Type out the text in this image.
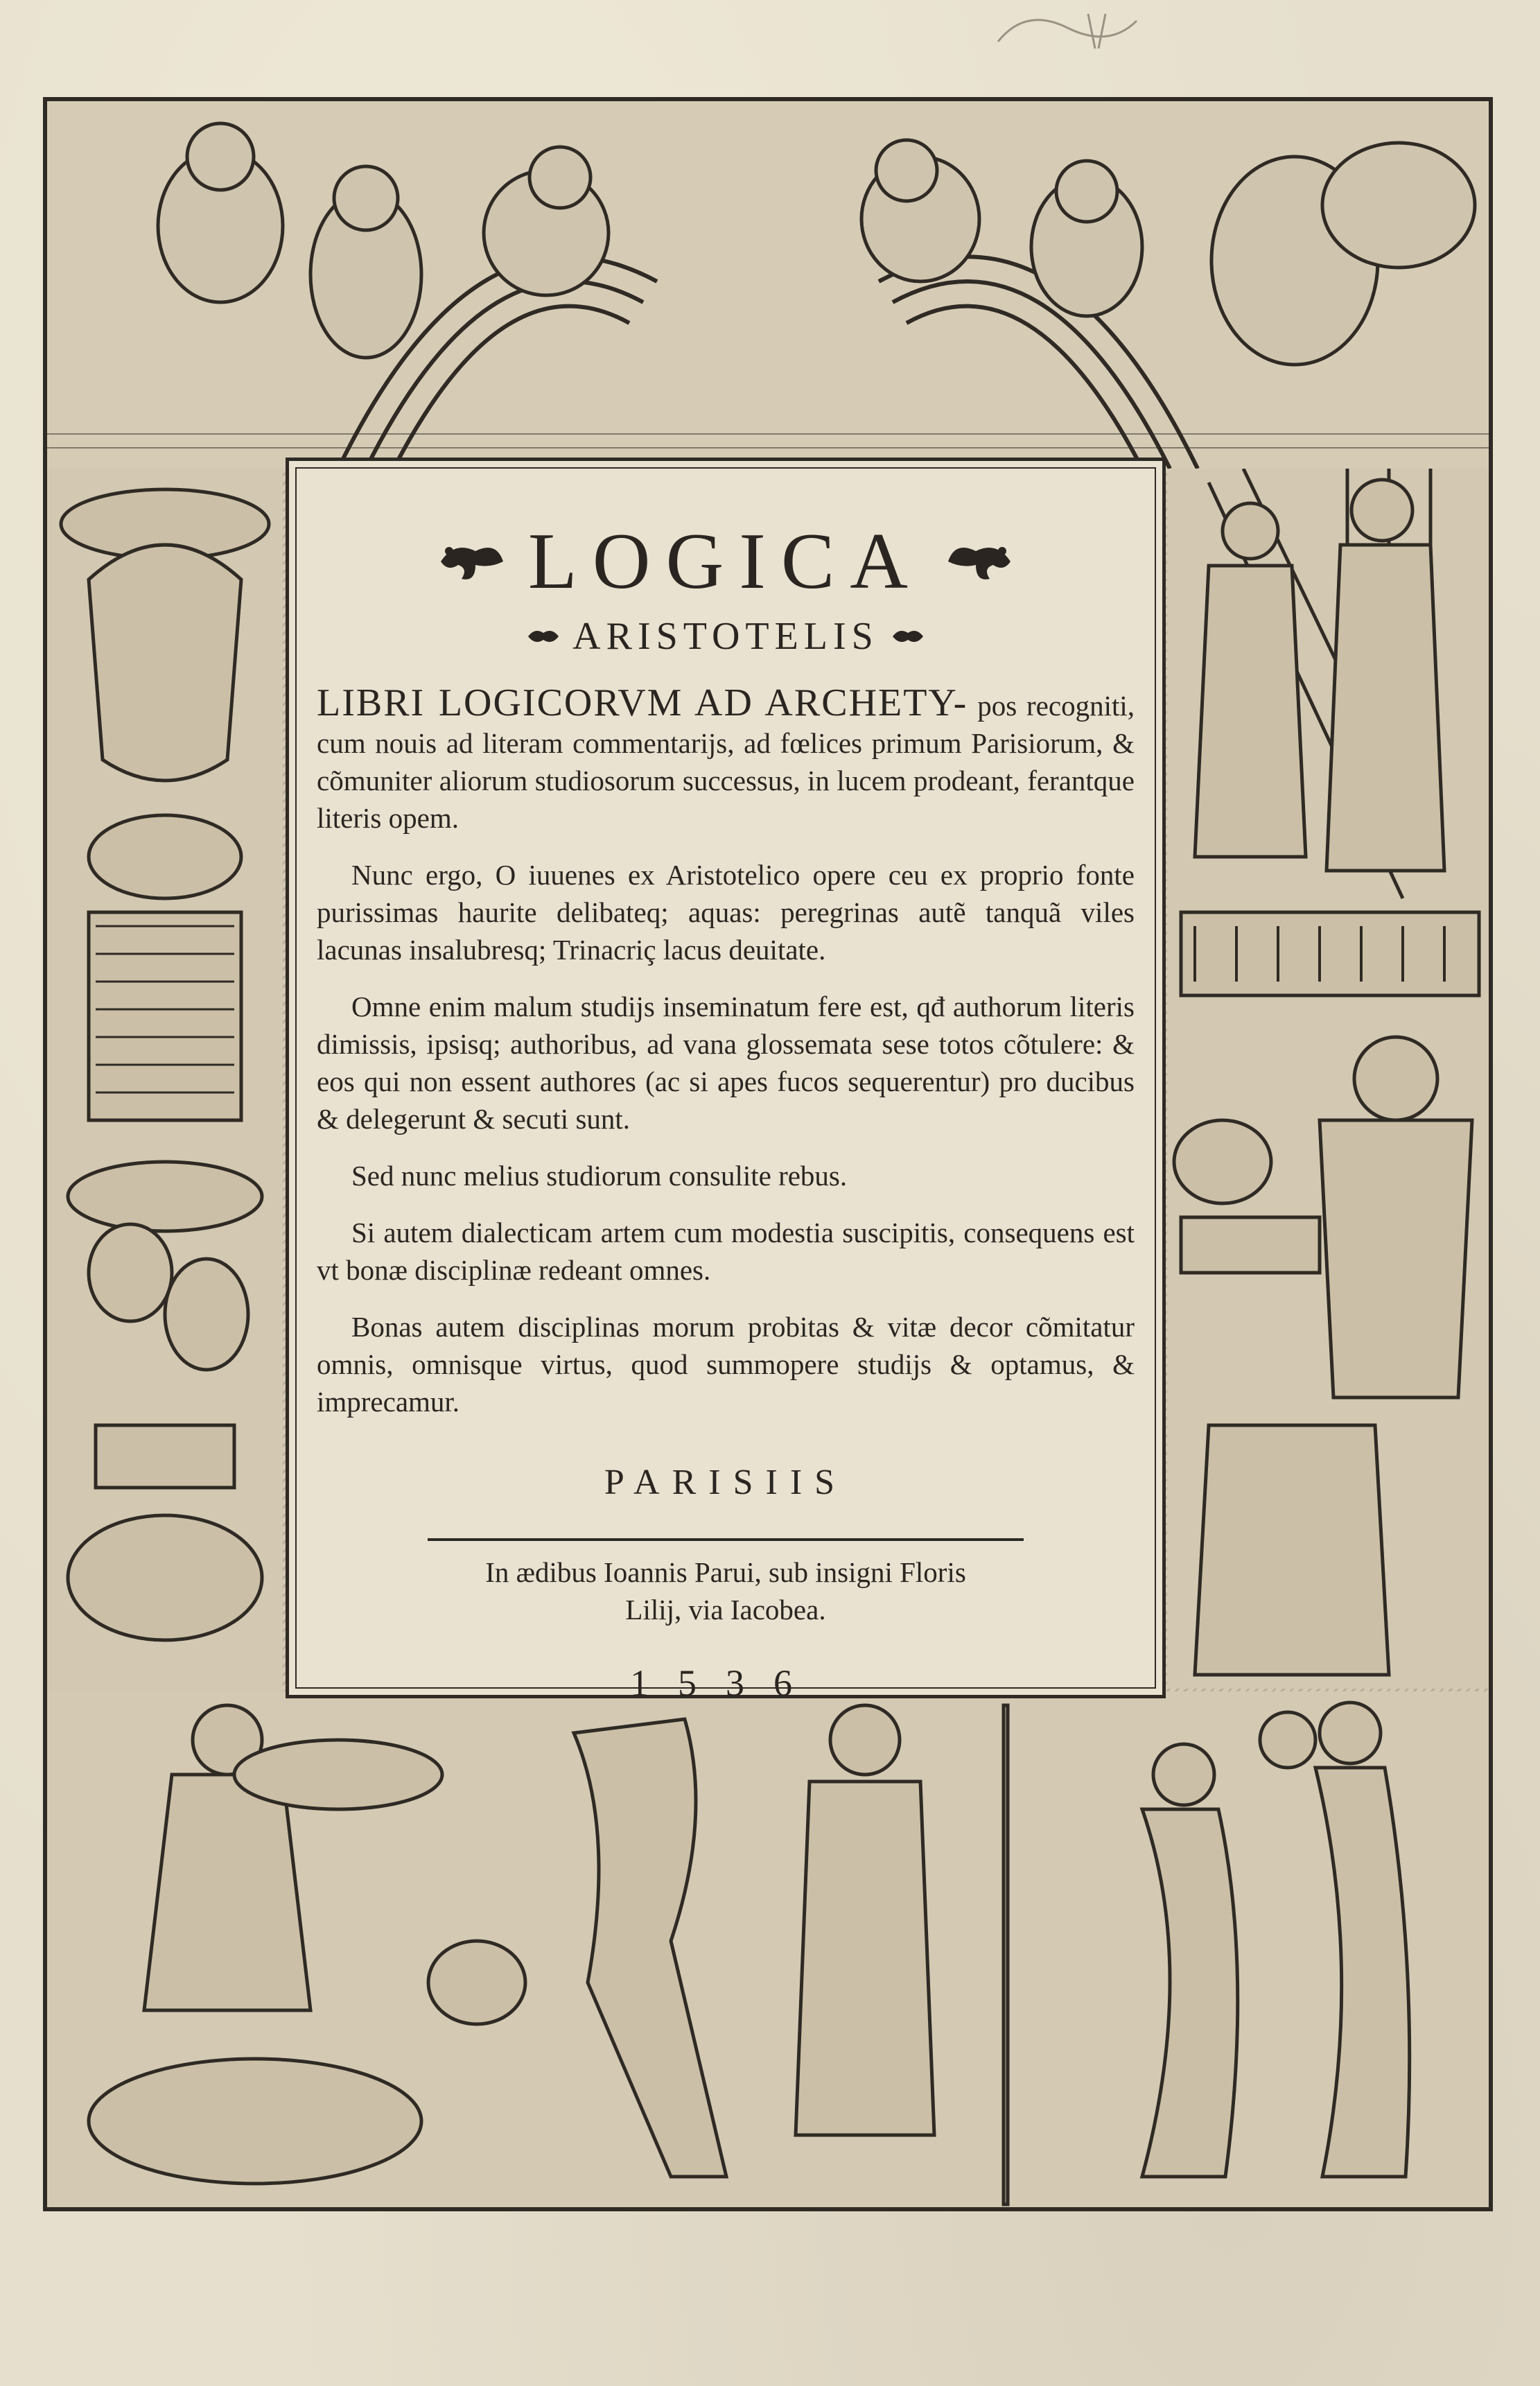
LOGICA
ARISTOTELIS

LIBRI LOGICORVM AD ARCHETY- pos recogniti, cum nouis ad literam commentarijs, ad fœlices primum Parisiorum, & cõmuniter aliorum studiosorum successus, in lucem prodeant, ferantque literis opem.

Nunc ergo, O iuuenes ex Aristotelico opere ceu ex proprio fonte purissimas haurite delibateq; aquas: peregrinas autẽ tanquã viles lacunas insalubresq; Trinacriç lacus deuitate.

Omne enim malum studijs inseminatum fere est, qđ authorum literis dimissis, ipsisq; authoribus, ad vana glossemata sese totos cõtulere: & eos qui non essent authores (ac si apes fucos sequerentur) pro ducibus & delegerunt & secuti sunt.

Sed nunc melius studiorum consulite rebus.

Si autem dialecticam artem cum modestia suscipitis, consequens est vt bonæ disciplinæ redeant omnes.

Bonas autem disciplinas morum probitas & vitæ decor cõmitatur omnis, omnisque virtus, quod summopere studijs & optamus, & imprecamur.

PARISIIS
In ædibus Ioannis Parui, sub insigni Floris
Lilij, via Iacobea.
1536
